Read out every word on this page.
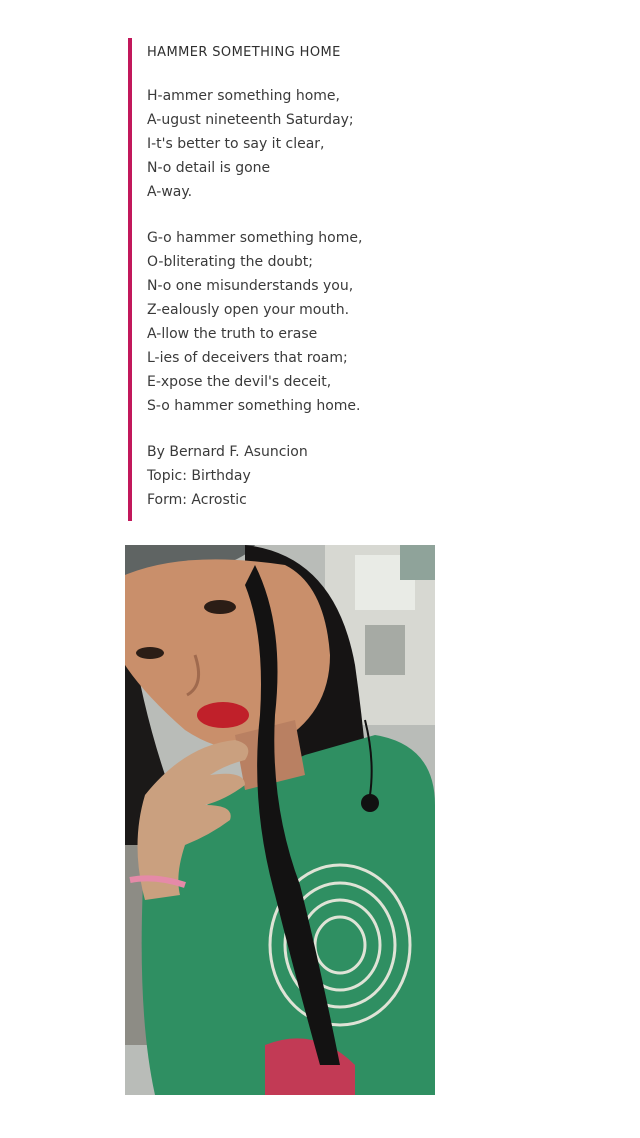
HAMMER SOMETHING HOME
H-ammer something home,
A-ugust nineteenth Saturday;
I-t's better to say it clear,
N-o detail is gone
A-way.
G-o hammer something home,
O-bliterating the doubt;
N-o one misunderstands you,
Z-ealously open your mouth.
A-llow the truth to erase
L-ies of deceivers that roam;
E-xpose the devil's deceit,
S-o hammer something home.
By Bernard F. Asuncion
Topic: Birthday
Form: Acrostic
